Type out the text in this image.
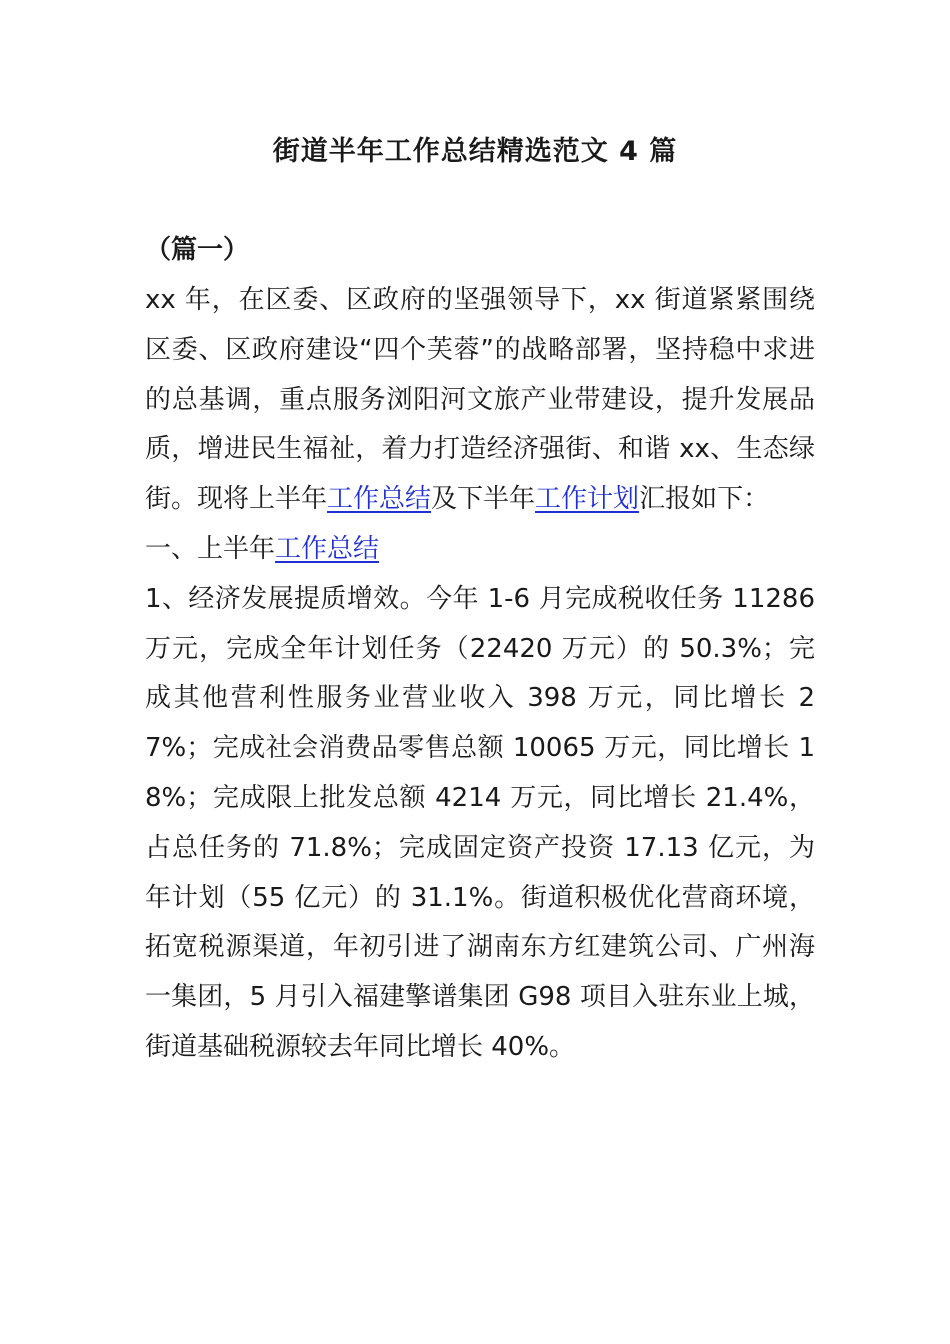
街道半年工作总结精选范文 4 篇
（篇一）

xx 年，在区委、区政府的坚强领导下，xx 街道紧紧围绕区委、区政府建设“四个芙蓉”的战略部署，坚持稳中求进的总基调，重点服务浏阳河文旅产业带建设，提升发展品质，增进民生福祉，着力打造经济强街、和谐 xx、生态绿街。现将上半年工作总结及下半年工作计划汇报如下：

一、上半年工作总结

1、经济发展提质增效。今年 1-6 月完成税收任务 11286 万元，完成全年计划任务（22420 万元）的 50.3%；完成其他营利性服务业营业收入 398 万元，同比增长 27%；完成社会消费品零售总额 10065 万元，同比增长 18%；完成限上批发总额 4214 万元，同比增长 21.4%，占总任务的 71.8%；完成固定资产投资 17.13 亿元，为年计划（55 亿元）的 31.1%。街道积极优化营商环境，拓宽税源渠道，年初引进了湖南东方红建筑公司、广州海一集团，5 月引入福建擎谱集团 G98 项目入驻东业上城，街道基础税源较去年同比增长 40%。
